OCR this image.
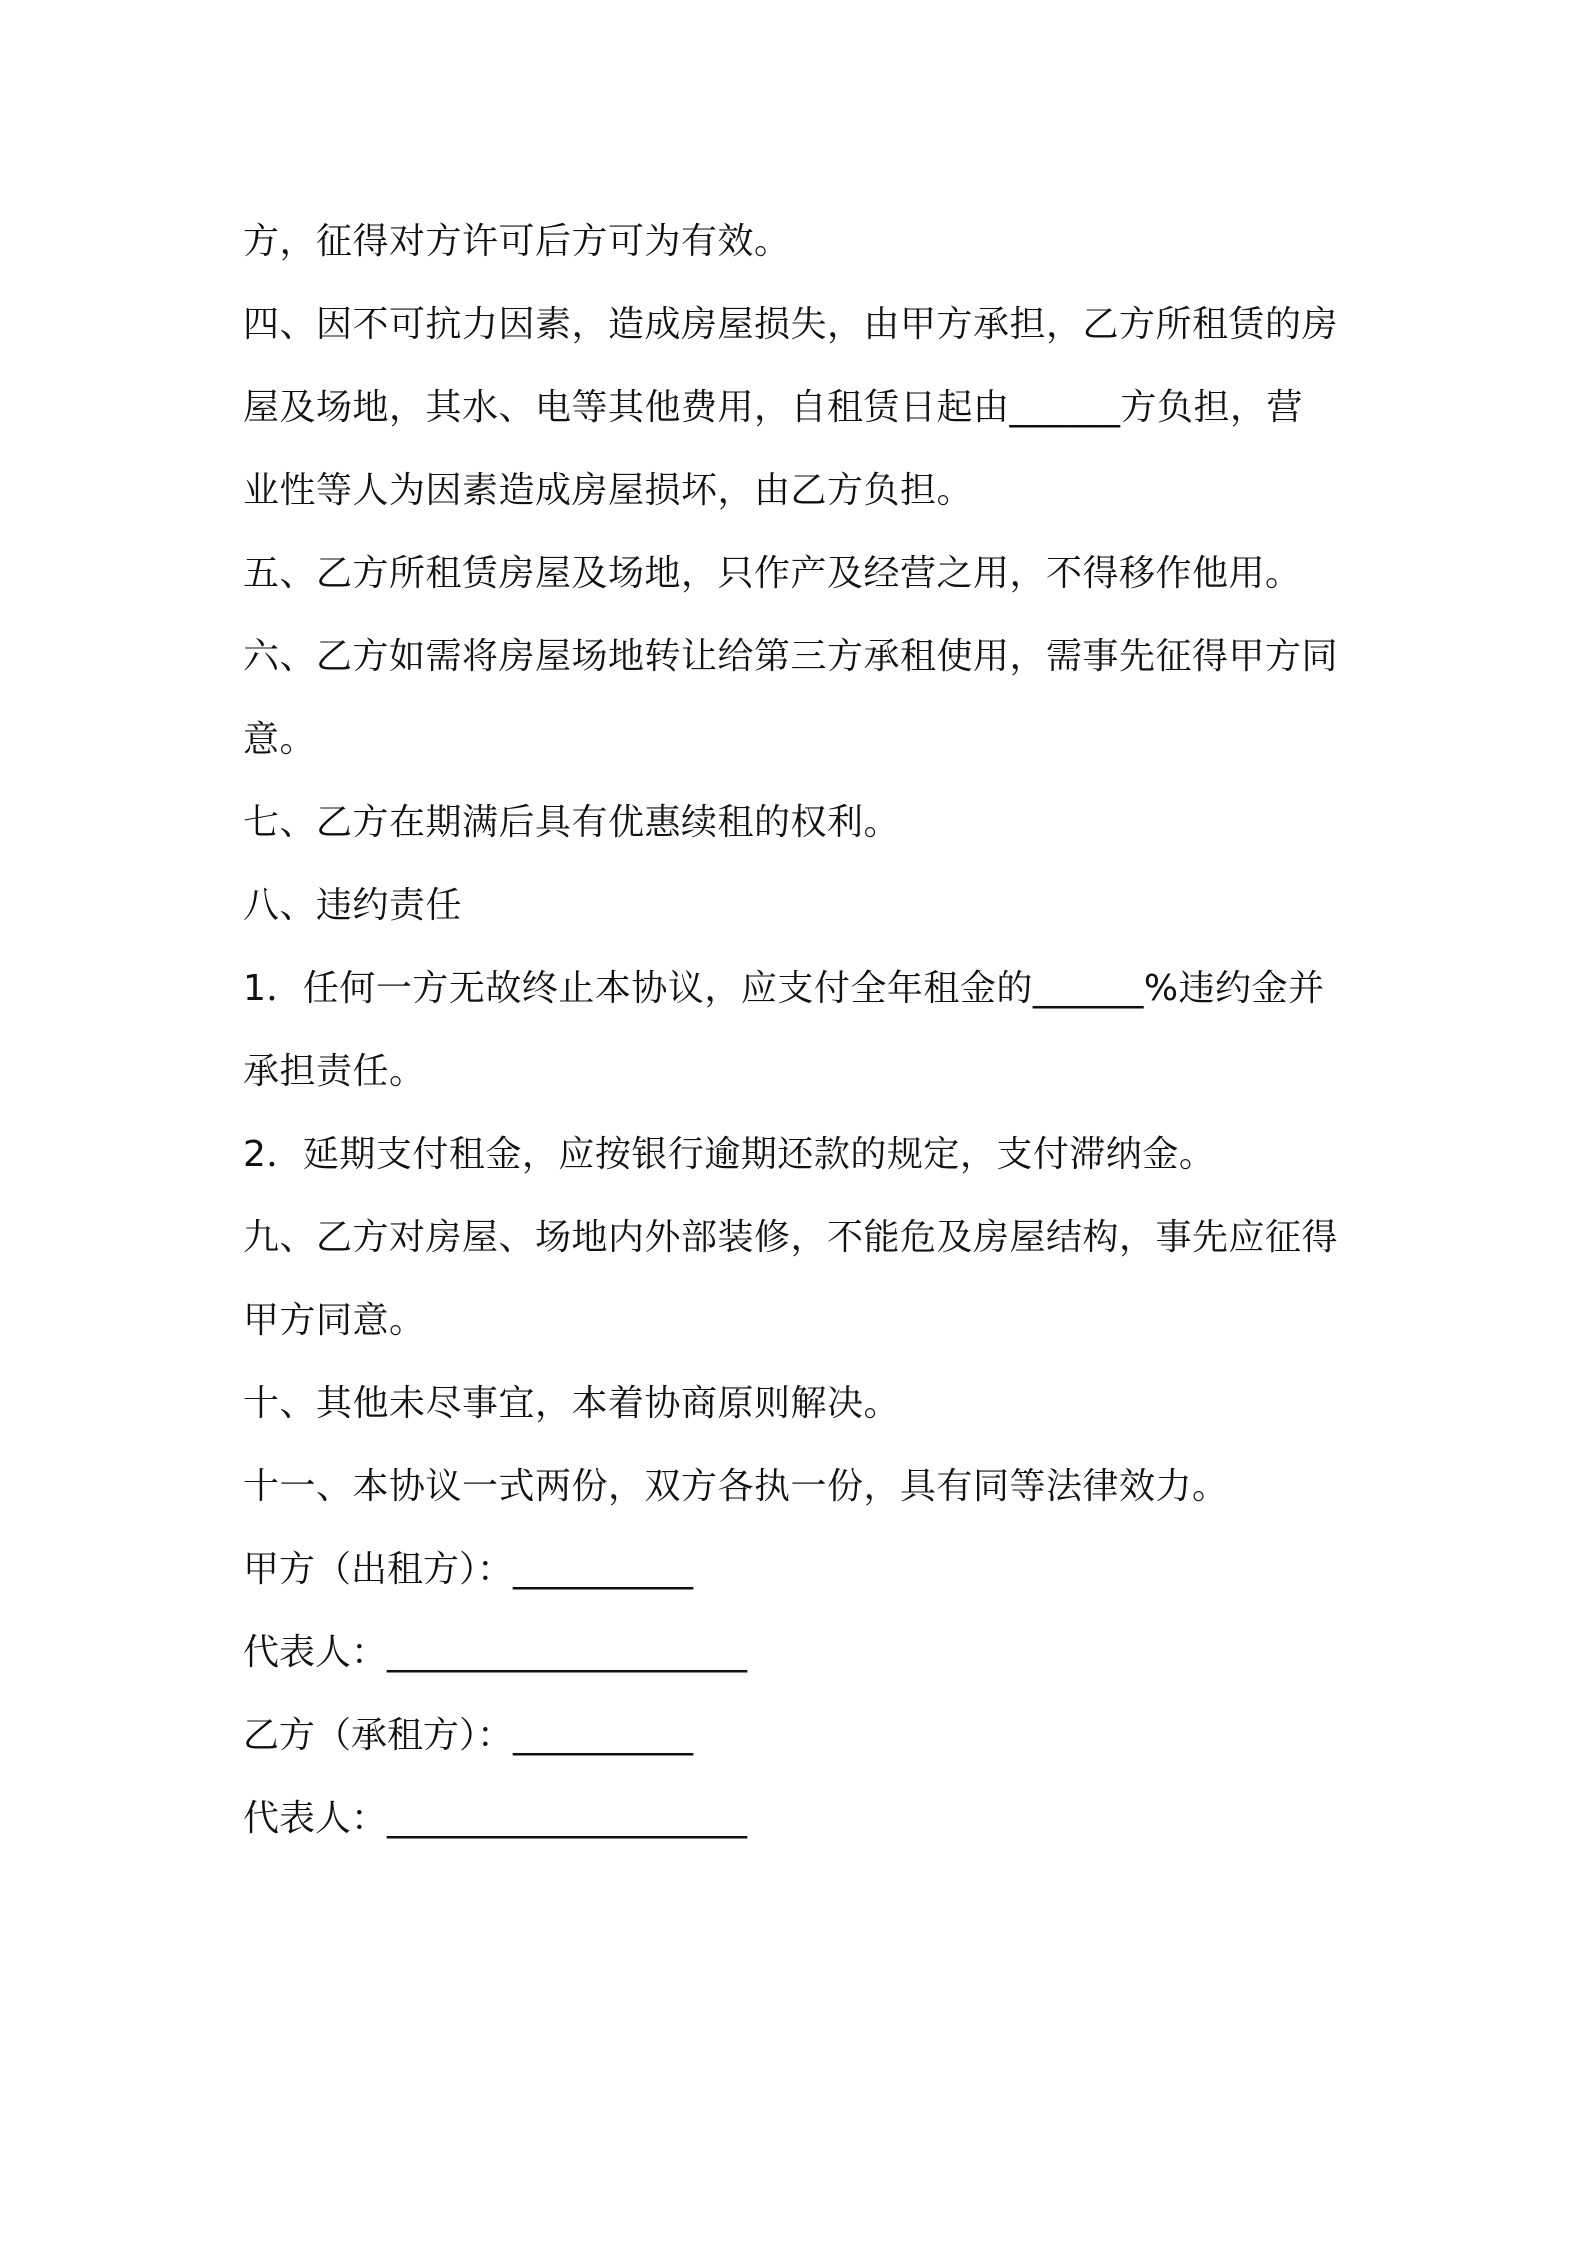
方，征得对方许可后方可为有效。
四、因不可抗力因素，造成房屋损失，由甲方承担，乙方所租赁的房
屋及场地，其水、电等其他费用，自租赁日起由______方负担，营
业性等人为因素造成房屋损坏，由乙方负担。
五、乙方所租赁房屋及场地，只作产及经营之用，不得移作他用。
六、乙方如需将房屋场地转让给第三方承租使用，需事先征得甲方同
意。
七、乙方在期满后具有优惠续租的权利。
八、违约责任
1．任何一方无故终止本协议，应支付全年租金的______%违约金并
承担责任。
2．延期支付租金，应按银行逾期还款的规定，支付滞纳金。
九、乙方对房屋、场地内外部装修，不能危及房屋结构，事先应征得
甲方同意。
十、其他未尽事宜，本着协商原则解决。
十一、本协议一式两份，双方各执一份，具有同等法律效力。
甲方（出租方）：__________
代表人：____________________
乙方（承租方）：__________
代表人：____________________
